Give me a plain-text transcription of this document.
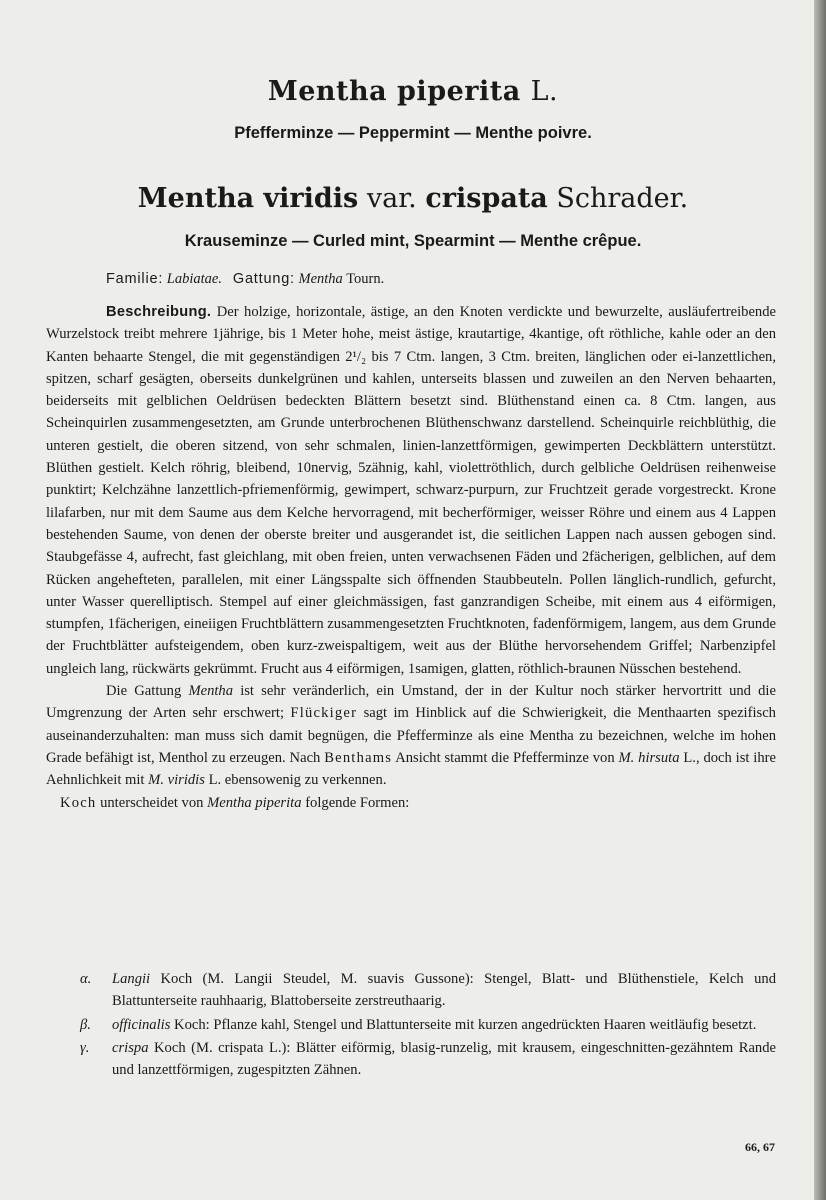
Mentha piperita L.
Pfefferminze — Peppermint — Menthe poivre.
Mentha viridis var. crispata Schrader.
Krauseminze — Curled mint, Spearmint — Menthe crêpue.
Familie: Labiatae. Gattung: Mentha Tourn.

Beschreibung. Der holzige, horizontale, ästige, an den Knoten verdickte und bewurzelte, ausläufertreibende Wurzelstock treibt mehrere 1jährige, bis 1 Meter hohe, meist ästige, krautartige, 4kantige, oft röthliche, kahle oder an den Kanten behaarte Stengel, die mit gegenständigen 2¹/₂ bis 7 Ctm. langen, 3 Ctm. breiten, länglichen oder ei-lanzettlichen, spitzen, scharf gesägten, oberseits dunkelgrünen und kahlen, unterseits blassen und zuweilen an den Nerven behaarten, beiderseits mit gelblichen Oeldrüsen bedeckten Blättern besetzt sind. Blüthenstand einen ca. 8 Ctm. langen, aus Scheinquirlen zusammengesetzten, am Grunde unterbrochenen Blüthenschwanz darstellend. Scheinquirle reichblüthig, die unteren gestielt, die oberen sitzend, von sehr schmalen, linien-lanzettförmigen, gewimperten Deckblättern unterstützt. Blüthen gestielt. Kelch röhrig, bleibend, 10nervig, 5zähnig, kahl, violettröthlich, durch gelbliche Oeldrüsen reihenweise punktirt; Kelchzähne lanzettlich-pfriemenförmig, gewimpert, schwarz-purpurn, zur Fruchtzeit gerade vorgestreckt. Krone lilafarben, nur mit dem Saume aus dem Kelche hervorragend, mit becherförmiger, weisser Röhre und einem aus 4 Lappen bestehenden Saume, von denen der oberste breiter und ausgerandet ist, die seitlichen Lappen nach aussen gebogen sind. Staubgefässe 4, aufrecht, fast gleichlang, mit oben freien, unten verwachsenen Fäden und 2fächerigen, gelblichen, auf dem Rücken angehefteten, parallelen, mit einer Längsspalte sich öffnenden Staubbeuteln. Pollen länglich-rundlich, gefurcht, unter Wasser querelliptisch. Stempel auf einer gleichmässigen, fast ganzrandigen Scheibe, mit einem aus 4 eiförmigen, stumpfen, 1fächerigen, eineiigen Fruchtblättern zusammengesetzten Fruchtknoten, fadenförmigem, langem, aus dem Grunde der Fruchtblätter aufsteigendem, oben kurz-zweispaltigem, weit aus der Blüthe hervorsehendem Griffel; Narbenzipfel ungleich lang, rückwärts gekrümmt. Frucht aus 4 eiförmigen, 1samigen, glatten, röthlich-braunen Nüsschen bestehend.

Die Gattung Mentha ist sehr veränderlich, ein Umstand, der in der Kultur noch stärker hervortritt und die Umgrenzung der Arten sehr erschwert; Flückiger sagt im Hinblick auf die Schwierigkeit, die Menthaarten spezifisch auseinanderzuhalten: man muss sich damit begnügen, die Pfefferminze als eine Mentha zu bezeichnen, welche im hohen Grade befähigt ist, Menthol zu erzeugen. Nach Benthams Ansicht stammt die Pfefferminze von M. hirsuta L., doch ist ihre Aehnlichkeit mit M. viridis L. ebensowenig zu verkennen.

Koch unterscheidet von Mentha piperita folgende Formen:

α. Langii Koch (M. Langii Steudel, M. suavis Gussone): Stengel, Blatt- und Blüthenstiele, Kelch und Blattunterseite rauhhaarig, Blattoberseite zerstreuthaarig.
β. officinalis Koch: Pflanze kahl, Stengel und Blattunterseite mit kurzen angedrückten Haaren weitläufig besetzt.
γ. crispa Koch (M. crispata L.): Blätter eiförmig, blasig-runzelig, mit krausem, eingeschnitten-gezähntem Rande und lanzettförmigen, zugespitzten Zähnen.
66, 67
